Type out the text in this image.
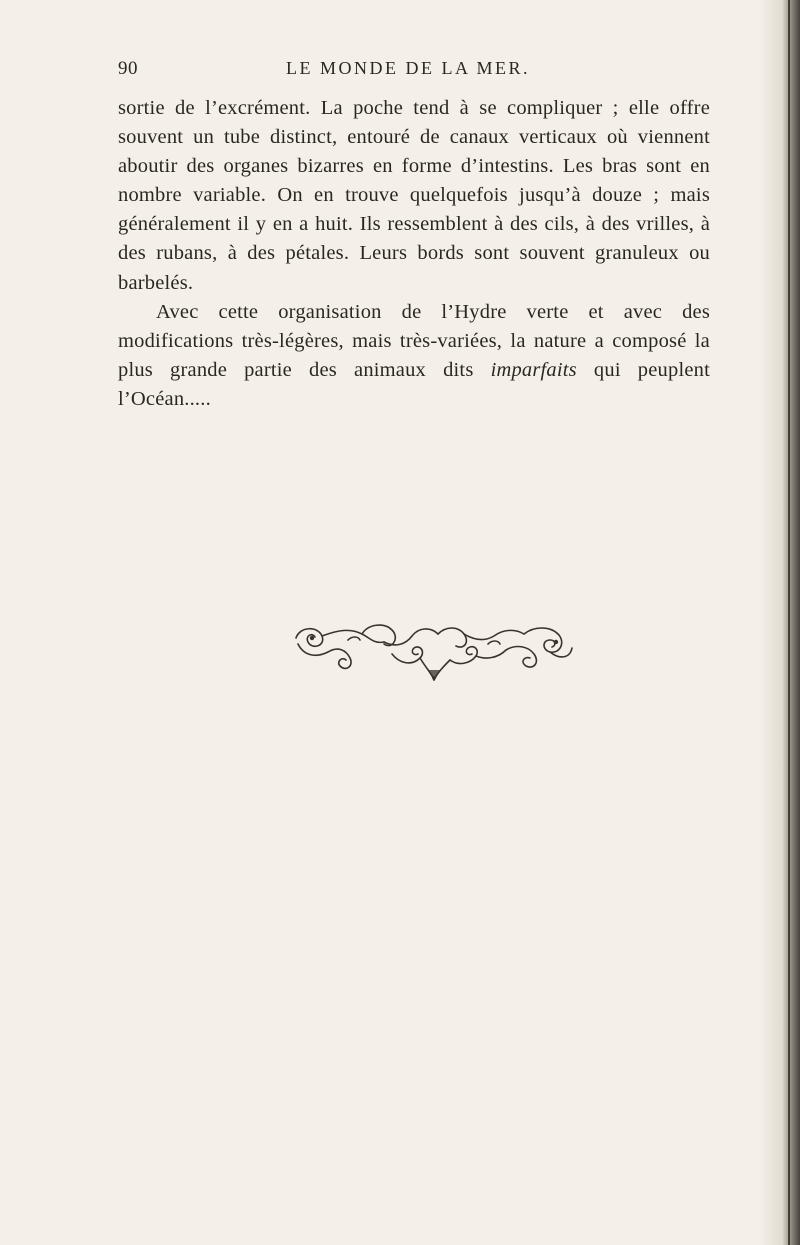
90	LE MONDE DE LA MER.

sortie de l’excrément. La poche tend à se compliquer ; elle offre souvent un tube distinct, entouré de canaux verticaux où viennent aboutir des organes bizarres en forme d’intestins. Les bras sont en nombre variable. On en trouve quelquefois jusqu’à douze ; mais généralement il y en a huit. Ils ressemblent à des cils, à des vrilles, à des rubans, à des pétales. Leurs bords sont souvent granuleux ou barbelés.

Avec cette organisation de l’Hydre verte et avec des modifications très-légères, mais très-variées, la nature a composé la plus grande partie des animaux dits imparfaits qui peuplent l’Océan.....
